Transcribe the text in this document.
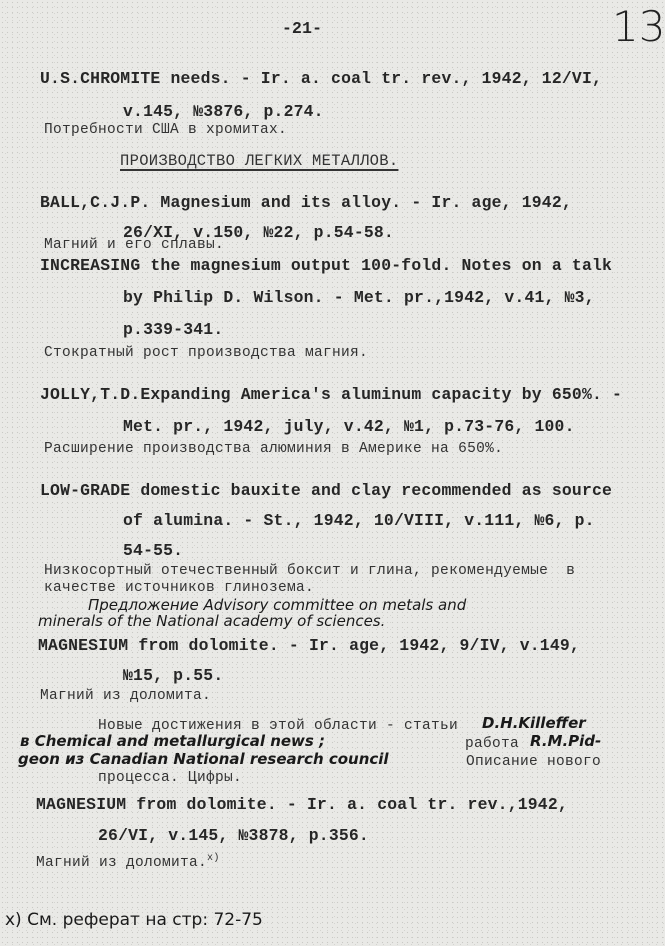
13
-21-
U.S.CHROMITE needs. - Ir. a. coal tr. rev., 1942, 12/VI,
v.145, №3876, p.274.
Потребности США в хромитах.
ПРОИЗВОДСТВО ЛЕГКИХ МЕТАЛЛОВ.
BALL,C.J.P. Magnesium and its alloy. - Ir. age, 1942,
26/XI, v.150, №22, p.54-58.
Магний и его сплавы.
INCREASING the magnesium output 100-fold. Notes on a talk
by Philip D. Wilson. - Met. pr.,1942, v.41, №3,
p.339-341.
Стократный рост производства магния.
JOLLY,T.D.Expanding America's aluminum capacity by 650%. -
Met. pr., 1942, july, v.42, №1, p.73-76, 100.
Расширение производства алюминия в Америке на 650%.
LOW-GRADE domestic bauxite and clay recommended as source
of alumina. - St., 1942, 10/VIII, v.111, №6, p.
54-55.
Низкосортный отечественный боксит и глина, рекомендуемые  в
качестве источников глинозема.
Предложение Advisory committee on metals and
minerals of the National academy of sciences.
MAGNESIUM from dolomite. - Ir. age, 1942, 9/IV, v.149,
№15, p.55.
Магний из доломита.
Новые достижения в этой области - статьи D.H.Killeffer
в Chemical and metallurgical news ;	работа R.M.Pid-
geon из Canadian National research council	Описание нового
процесса. Цифры.
MAGNESIUM from dolomite. - Ir. a. coal tr. rev.,1942,
26/VI, v.145, №3878, p.356.
Магний из доломита.$^{x)}$
x) См. реферат на стр: 72-75
